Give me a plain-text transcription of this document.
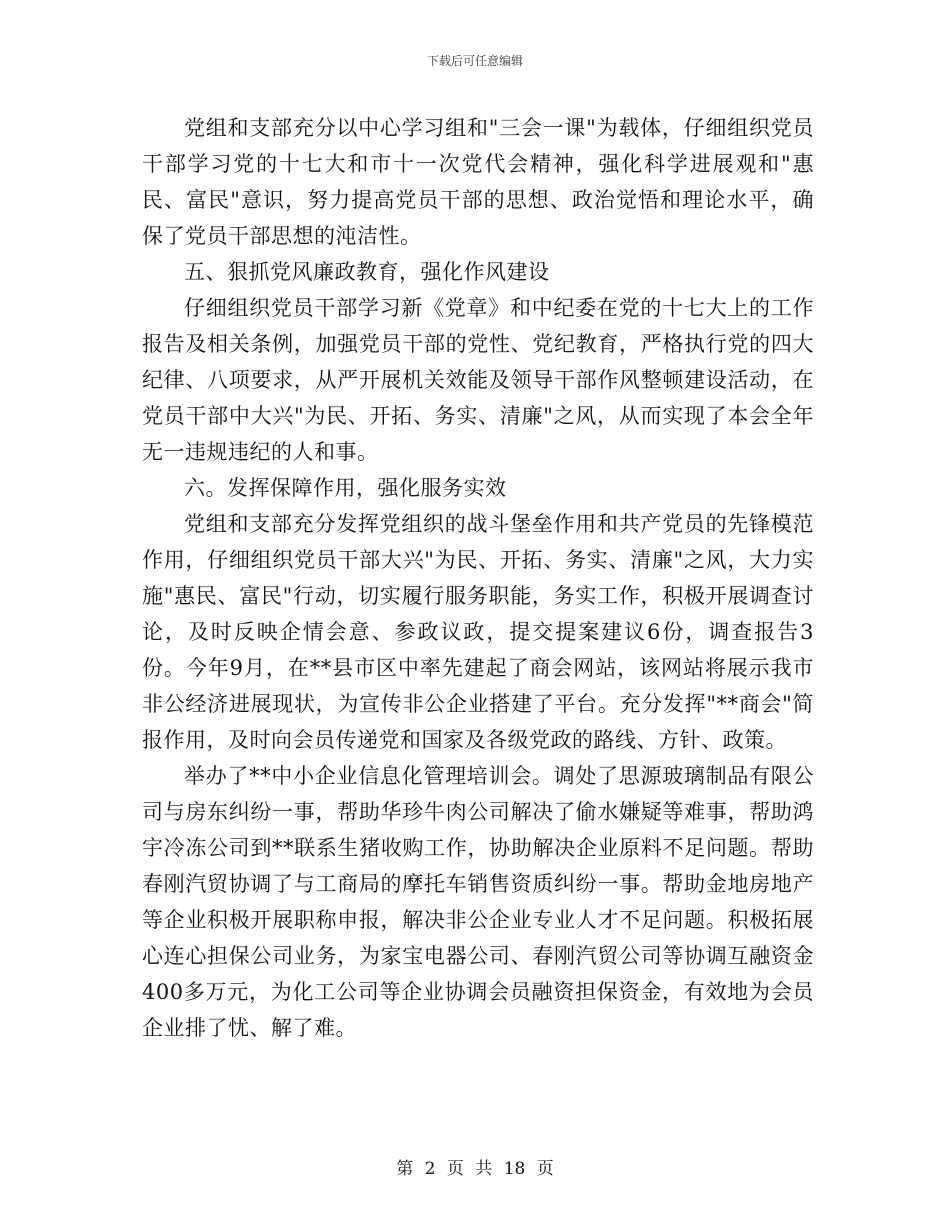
下载后可任意编辑

党组和支部充分以中心学习组和"三会一课"为载体，仔细组织党员干部学习党的十七大和市十一次党代会精神，强化科学进展观和"惠民、富民"意识，努力提高党员干部的思想、政治觉悟和理论水平，确保了党员干部思想的沌洁性。

五、狠抓党风廉政教育，强化作风建设

仔细组织党员干部学习新《党章》和中纪委在党的十七大上的工作报告及相关条例，加强党员干部的党性、党纪教育，严格执行党的四大纪律、八项要求，从严开展机关效能及领导干部作风整顿建设活动，在党员干部中大兴"为民、开拓、务实、清廉"之风，从而实现了本会全年无一违规违纪的人和事。

六。发挥保障作用，强化服务实效

党组和支部充分发挥党组织的战斗堡垒作用和共产党员的先锋模范作用，仔细组织党员干部大兴"为民、开拓、务实、清廉"之风，大力实施"惠民、富民"行动，切实履行服务职能，务实工作，积极开展调查讨论，及时反映企情会意、参政议政，提交提案建议6份，调查报告3份。今年9月，在**县市区中率先建起了商会网站，该网站将展示我市非公经济进展现状，为宣传非公企业搭建了平台。充分发挥"**商会"简报作用，及时向会员传递党和国家及各级党政的路线、方针、政策。

举办了**中小企业信息化管理培训会。调处了思源玻璃制品有限公司与房东纠纷一事，帮助华珍牛肉公司解决了偷水嫌疑等难事，帮助鸿宇冷冻公司到**联系生猪收购工作，协助解决企业原料不足问题。帮助春刚汽贸协调了与工商局的摩托车销售资质纠纷一事。帮助金地房地产等企业积极开展职称申报，解决非公企业专业人才不足问题。积极拓展心连心担保公司业务，为家宝电器公司、春刚汽贸公司等协调互融资金400多万元，为化工公司等企业协调会员融资担保资金，有效地为会员企业排了忧、解了难。

第 2 页 共 18 页
